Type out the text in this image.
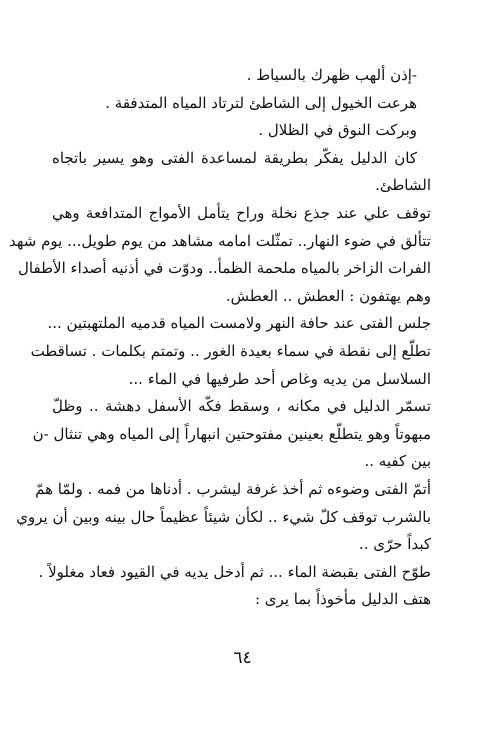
-إذن ألهب ظهرك بالسياط .
هرعت الخيول إلى الشاطئ لترتاد المياه المتدفقة .
وبركت النوق في الظلال .
كان الدليل يفكّر بطريقة لمساعدة الفتى وهو يسير باتجاه
الشاطئ.
توقف علي عند جذع نخلة وراح يتأمل الأمواج المتدافعة وهي
تتألق في ضوء النهار.. تمثّلت امامه مشاهد من يوم طويل... يوم شهد
الفرات الزاخر بالمياه ملحمة الظمأ.. ودوّت في أذنيه أصداء الأطفال
وهم يهتفون : العطش .. العطش.
جلس الفتى عند حافة النهر ولامست المياه قدميه الملتهبتين ...
تطلّع إلى نقطة في سماء بعيدة الغور .. وتمتم بكلمات . تساقطت
السلاسل من يديه وغاص أحد طرفيها في الماء ...
تسمّر الدليل في مكانه ، وسقط فكّه الأسفل دهشة .. وظلّ
مبهوتاً وهو يتطلّع بعينين مفتوحتين انبهاراً إلى المياه وهي تنثال -ن
بين كفيه ..
أتمّ الفتى وضوءه ثم أخذ غرفة ليشرب . أدناها من فمه . ولمّا همّ
بالشرب توقف كلّ شيء .. لكأن شيئاً عظيماً حال بينه وبين أن يروي
كبداً حرّى ..
طوّح الفتى بقبضة الماء ... ثم أدخل يديه في القيود فعاد مغلولاً .
هتف الدليل مأخوذاً بما يرى :
٦٤
